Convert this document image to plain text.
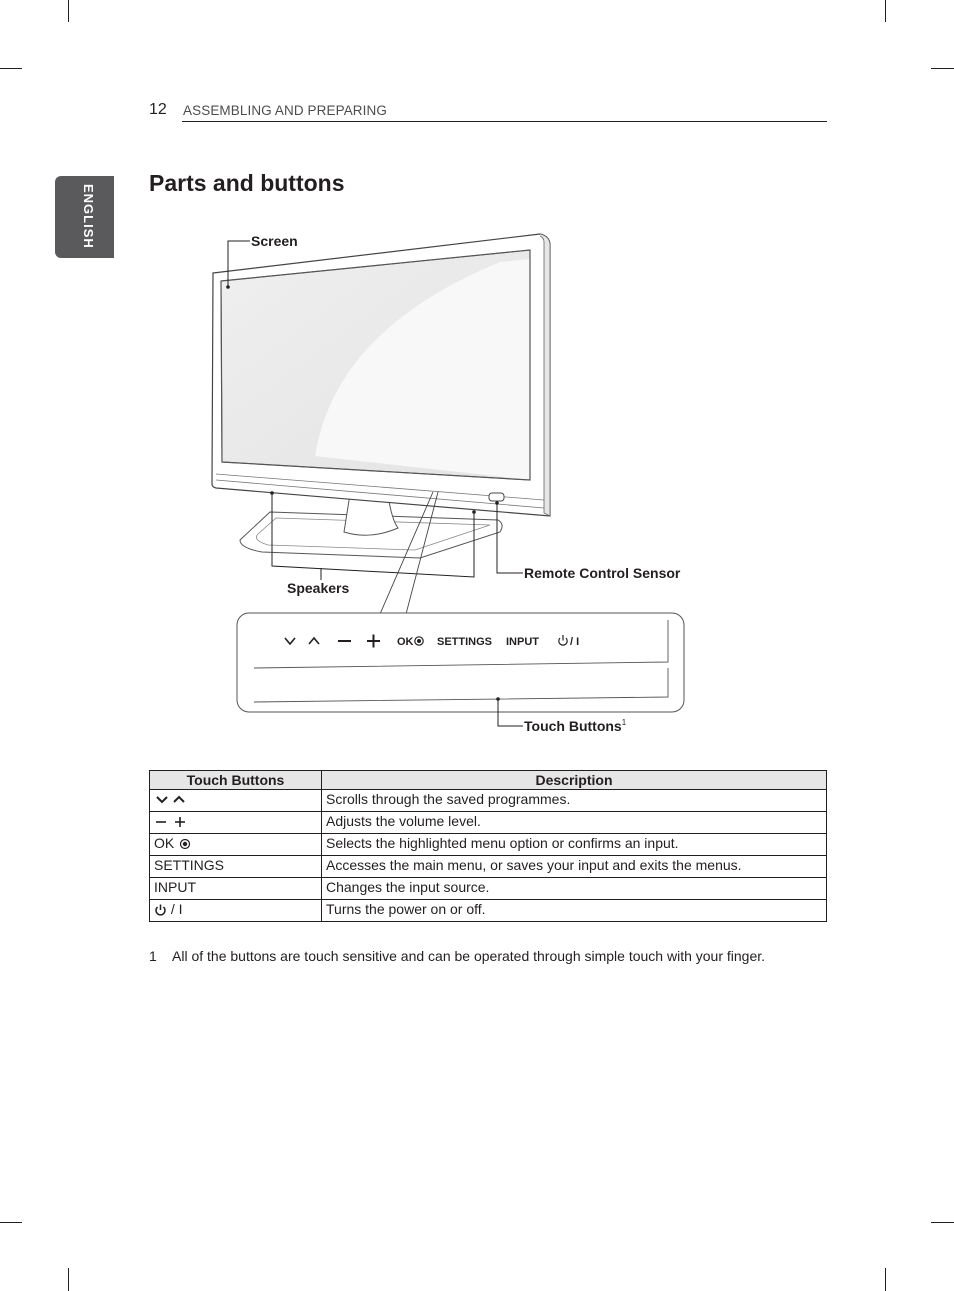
12 ASSEMBLING AND PREPARING
ENGLISH
Parts and buttons
Screen
Speakers
Remote Control Sensor
OK SETTINGS INPUT	/ I
Touch Buttons$^1$
Touch Buttons	Description
	Scrolls through the saved programmes.
	Adjusts the volume level.
OK	Selects the highlighted menu option or confirms an input.
SETTINGS	Accesses the main menu, or saves your input and exits the menus.
INPUT	Changes the input source.
/ I	Turns the power on or off.
1 All of the buttons are touch sensitive and can be operated through simple touch with your finger.
